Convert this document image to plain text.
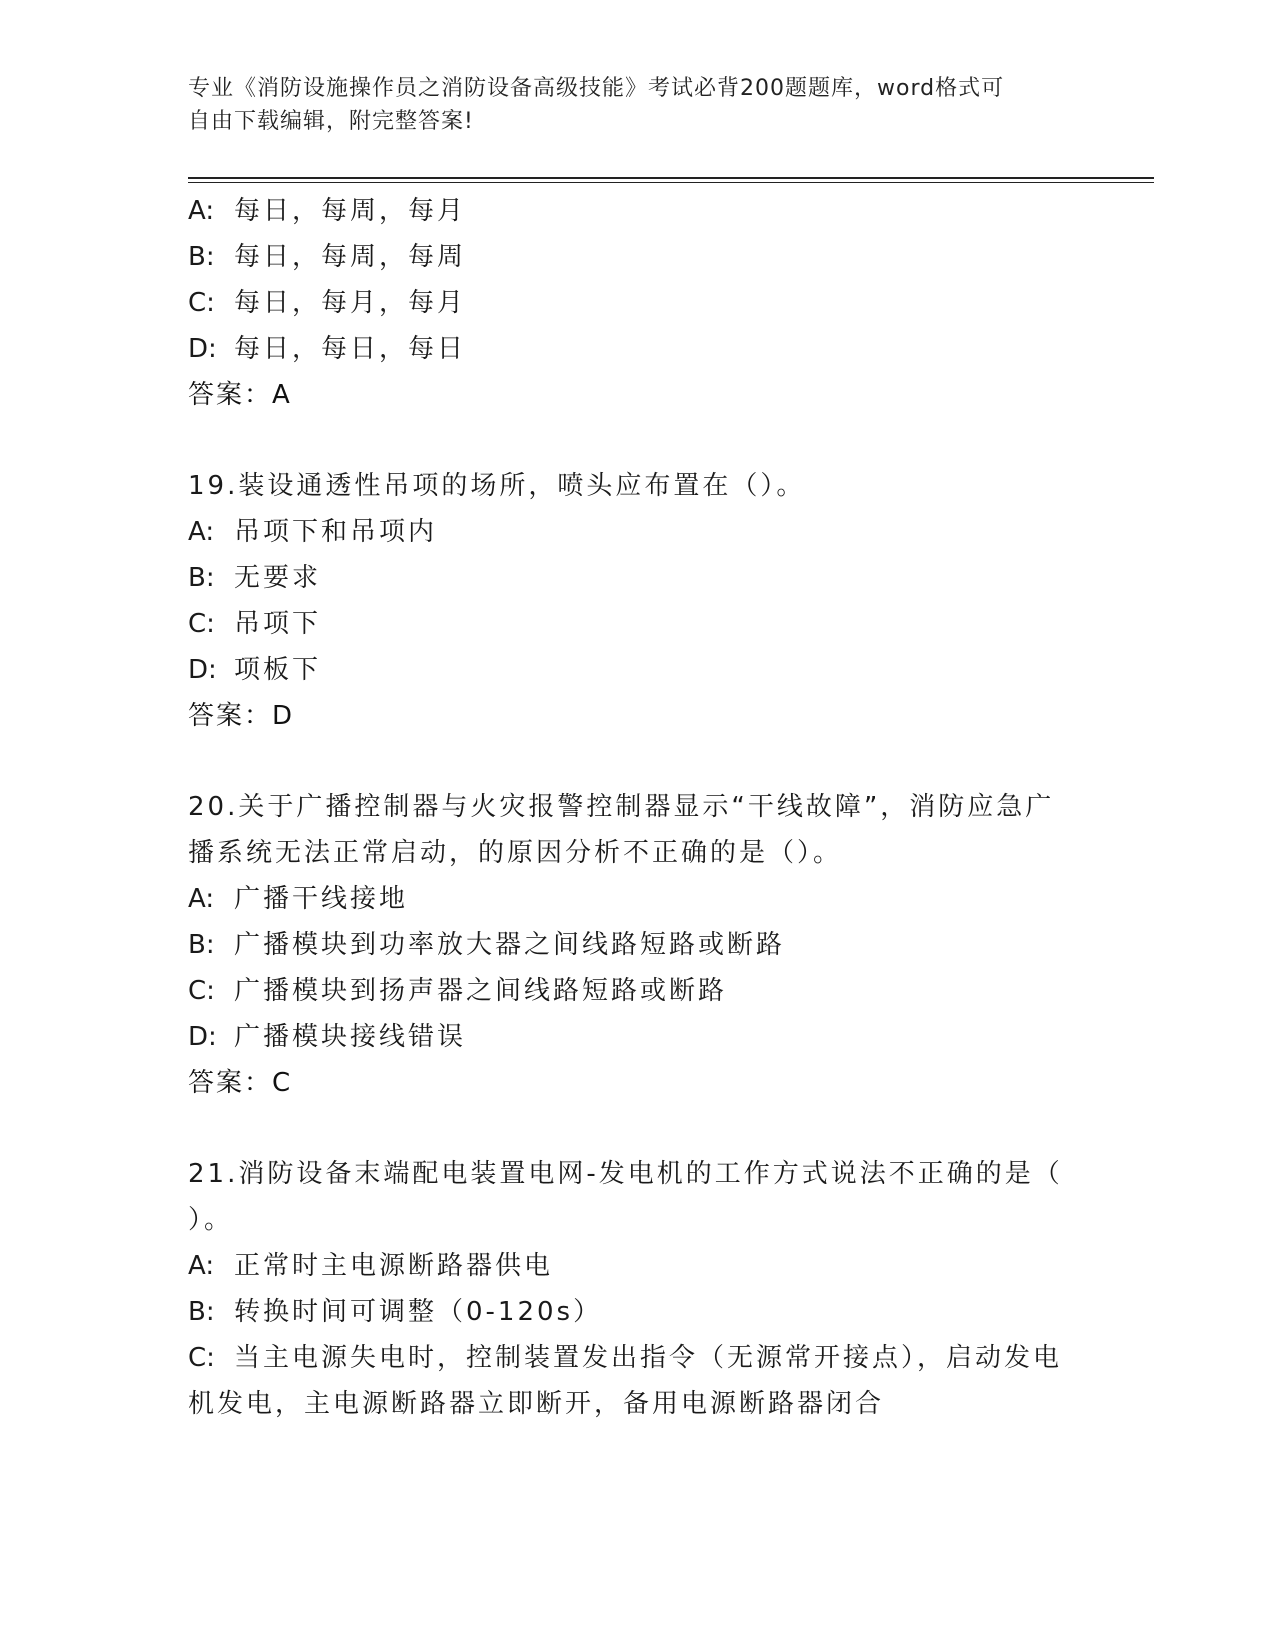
专业《消防设施操作员之消防设备高级技能》考试必背200题题库，word格式可
自由下载编辑，附完整答案!
A: 每日，每周，每月
B: 每日，每周，每周
C: 每日，每月，每月
D: 每日，每日，每日
答案：A
19.装设通透性吊项的场所，喷头应布置在（）。
A: 吊项下和吊项内
B: 无要求
C: 吊项下
D: 项板下
答案：D
20.关于广播控制器与火灾报警控制器显示“干线故障”，消防应急广
播系统无法正常启动，的原因分析不正确的是（）。
A: 广播干线接地
B: 广播模块到功率放大器之间线路短路或断路
C: 广播模块到扬声器之间线路短路或断路
D: 广播模块接线错误
答案：C
21.消防设备末端配电装置电网-发电机的工作方式说法不正确的是（
）。
A: 正常时主电源断路器供电
B: 转换时间可调整（0-120s）
C: 当主电源失电时，控制装置发出指令（无源常开接点），启动发电
机发电，主电源断路器立即断开，备用电源断路器闭合
